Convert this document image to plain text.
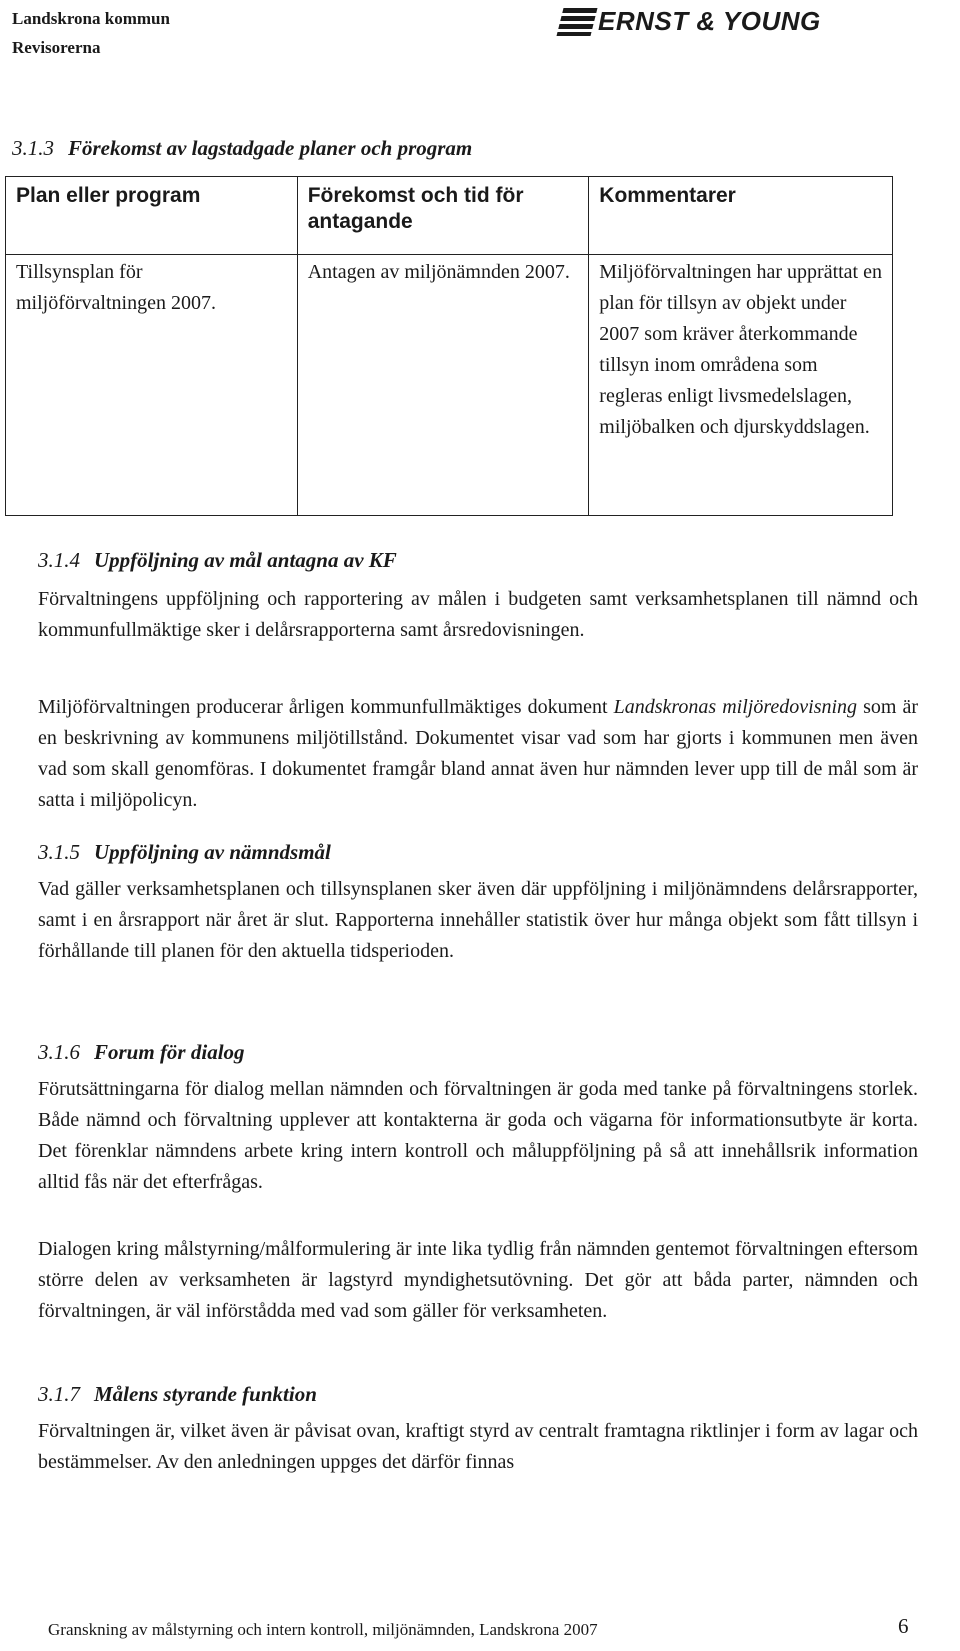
Landskrona kommun
Revisorerna
ERNST & YOUNG
3.1.3 Förekomst av lagstadgade planer och program
Plan eller program	Förekomst och tid för antagande	Kommentarer
Tillsynsplan för miljöförvaltningen 2007.	Antagen av miljönämnden 2007.	Miljöförvaltningen har upprättat en plan för tillsyn av objekt under 2007 som kräver återkommande tillsyn inom områdena som regleras enligt livsmedelslagen, miljöbalken och djurskyddslagen.
3.1.4 Uppföljning av mål antagna av KF

Förvaltningens uppföljning och rapportering av målen i budgeten samt verksamhetsplanen till nämnd och kommunfullmäktige sker i delårsrapporterna samt årsredovisningen.

Miljöförvaltningen producerar årligen kommunfullmäktiges dokument Landskronas miljöredovisning som är en beskrivning av kommunens miljötillstånd. Dokumentet visar vad som har gjorts i kommunen men även vad som skall genomföras. I dokumentet framgår bland annat även hur nämnden lever upp till de mål som är satta i miljöpolicyn.

3.1.5 Uppföljning av nämndsmål

Vad gäller verksamhetsplanen och tillsynsplanen sker även där uppföljning i miljönämndens delårsrapporter, samt i en årsrapport när året är slut. Rapporterna innehåller statistik över hur många objekt som fått tillsyn i förhållande till planen för den aktuella tidsperioden.

3.1.6 Forum för dialog

Förutsättningarna för dialog mellan nämnden och förvaltningen är goda med tanke på förvaltningens storlek. Både nämnd och förvaltning upplever att kontakterna är goda och vägarna för informationsutbyte är korta. Det förenklar nämndens arbete kring intern kontroll och måluppföljning på så att innehållsrik information alltid fås när det efterfrågas.

Dialogen kring målstyrning/målformulering är inte lika tydlig från nämnden gentemot förvaltningen eftersom större delen av verksamheten är lagstyrd myndighetsutövning. Det gör att båda parter, nämnden och förvaltningen, är väl införstådda med vad som gäller för verksamheten.

3.1.7 Målens styrande funktion

Förvaltningen är, vilket även är påvisat ovan, kraftigt styrd av centralt framtagna riktlinjer i form av lagar och bestämmelser. Av den anledningen uppges det därför finnas

Granskning av målstyrning och intern kontroll, miljönämnden, Landskrona 2007	6
